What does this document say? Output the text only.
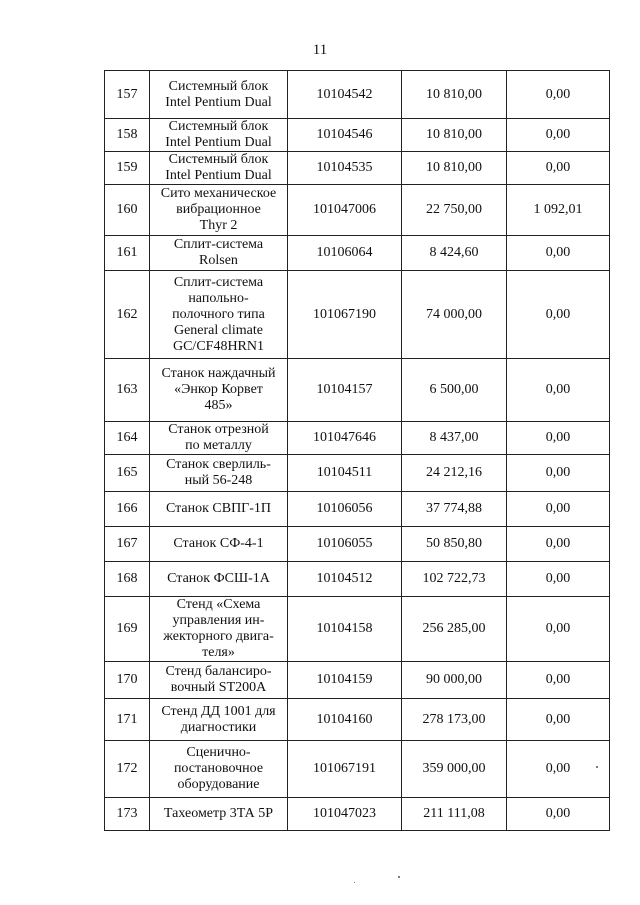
11
157	Системный блок
Intel Pentium Dual	10104542	10 810,00	0,00
158	Системный блок
Intel Pentium Dual	10104546	10 810,00	0,00
159	Системный блок
Intel Pentium Dual	10104535	10 810,00	0,00
160	Сито механическое
вибрационное
Thyr 2	101047006	22 750,00	1 092,01
161	Сплит-система
Rolsen	10106064	8 424,60	0,00
162	Сплит-система
напольно-
полочного типа
General climate
GC/CF48HRN1	101067190	74 000,00	0,00
163	Станок наждачный
«Энкор Корвет
485»	10104157	6 500,00	0,00
164	Станок отрезной
по металлу	101047646	8 437,00	0,00
165	Станок сверлиль-
ный 56-248	10104511	24 212,16	0,00
166	Станок СВПГ-1П	10106056	37 774,88	0,00
167	Станок СФ-4-1	10106055	50 850,80	0,00
168	Станок ФСШ-1А	10104512	102 722,73	0,00
169	Стенд «Схема
управления ин-
жекторного двига-
теля»	10104158	256 285,00	0,00
170	Стенд балансиро-
вочный ST200A	10104159	90 000,00	0,00
171	Стенд ДД 1001 для
диагностики	10104160	278 173,00	0,00
172	Сценично-
постановочное
оборудование	101067191	359 000,00	0,00
173	Тахеометр 3ТА 5Р	101047023	211 111,08	0,00
